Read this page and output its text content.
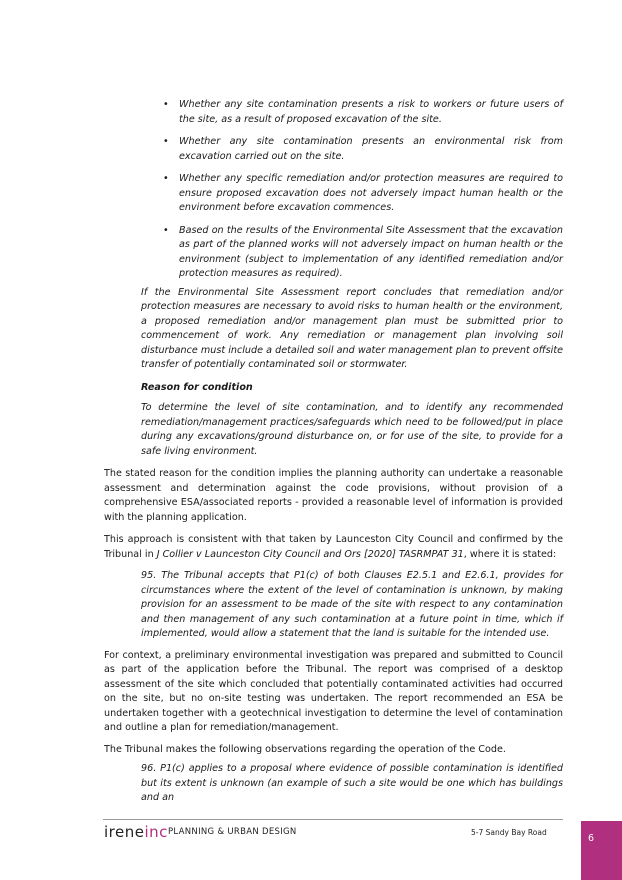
• Whether any site contamination presents a risk to workers or future users of the site, as a result of proposed excavation of the site.
• Whether any site contamination presents an environmental risk from excavation carried out on the site.
• Whether any specific remediation and/or protection measures are required to ensure proposed excavation does not adversely impact human health or the environment before excavation commences.
• Based on the results of the Environmental Site Assessment that the excavation as part of the planned works will not adversely impact on human health or the environment (subject to implementation of any identified remediation and/or protection measures as required).

If the Environmental Site Assessment report concludes that remediation and/or protection measures are necessary to avoid risks to human health or the environment, a proposed remediation and/or management plan must be submitted prior to commencement of work. Any remediation or management plan involving soil disturbance must include a detailed soil and water management plan to prevent offsite transfer of potentially contaminated soil or stormwater.

Reason for condition

To determine the level of site contamination, and to identify any recommended remediation/management practices/safeguards which need to be followed/put in place during any excavations/ground disturbance on, or for use of the site, to provide for a safe living environment.

The stated reason for the condition implies the planning authority can undertake a reasonable assessment and determination against the code provisions, without provision of a comprehensive ESA/associated reports - provided a reasonable level of information is provided with the planning application.

This approach is consistent with that taken by Launceston City Council and confirmed by the Tribunal in J Collier v Launceston City Council and Ors [2020] TASRMPAT 31, where it is stated:

95. The Tribunal accepts that P1(c) of both Clauses E2.5.1 and E2.6.1, provides for circumstances where the extent of the level of contamination is unknown, by making provision for an assessment to be made of the site with respect to any contamination and then management of any such contamination at a future point in time, which if implemented, would allow a statement that the land is suitable for the intended use.

For context, a preliminary environmental investigation was prepared and submitted to Council as part of the application before the Tribunal. The report was comprised of a desktop assessment of the site which concluded that potentially contaminated activities had occurred on the site, but no on-site testing was undertaken. The report recommended an ESA be undertaken together with a geotechnical investigation to determine the level of contamination and outline a plan for remediation/management.

The Tribunal makes the following observations regarding the operation of the Code.

96. P1(c) applies to a proposal where evidence of possible contamination is identified but its extent is unknown (an example of such a site would be one which has buildings and an

ireneinc PLANNING & URBAN DESIGN	5-7 Sandy Bay Road
6
